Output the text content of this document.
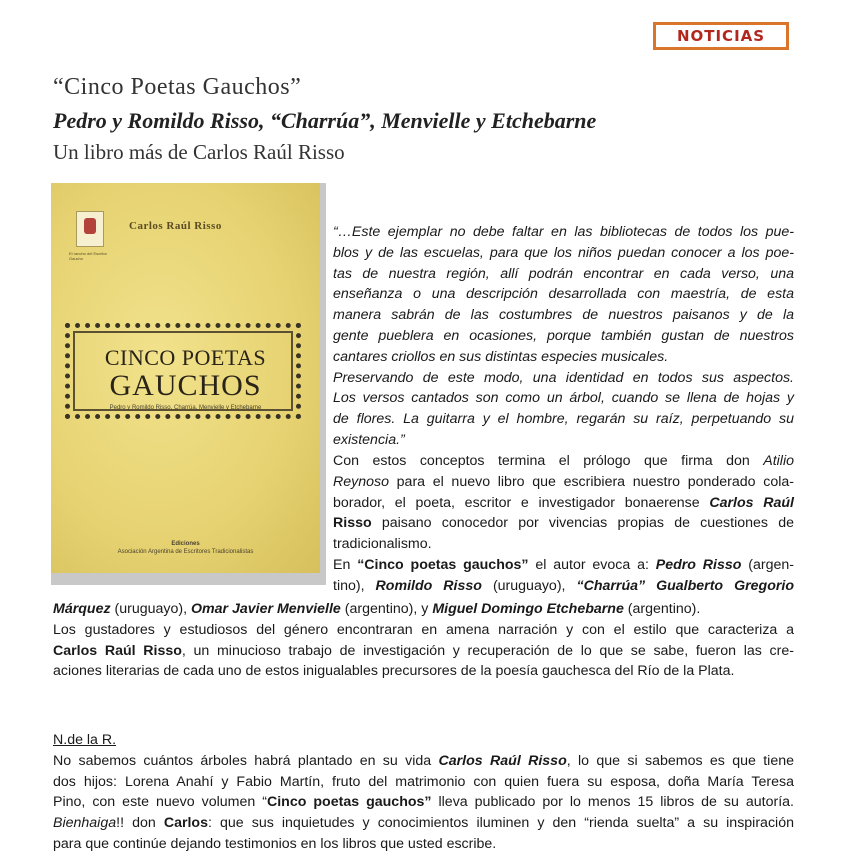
NOTICIAS
“Cinco Poetas Gauchos”
Pedro y Romildo Risso, “Charrúa”, Menvielle y Etchebarne
Un libro más de Carlos Raúl Risso
El rancho del Escritor Gaucho
Carlos Raúl Risso
CINCO POETAS
GAUCHOS
Pedro y Romildo Risso, Charrúa, Menvielle y Etchebarne
Ediciones
Asociación Argentina de Escritores Tradicionalistas
“…Este ejemplar no debe faltar en las bibliotecas de todos los pue-
blos y de las escuelas, para que los niños puedan conocer a los poe-
tas de nuestra región, allí podrán encontrar en cada verso, una
enseñanza o una descripción desarrollada con maestría, de esta
manera sabrán de las costumbres de nuestros paisanos y de la
gente pueblera en ocasiones, porque también gustan de nuestros
cantares criollos en sus distintas especies musicales.
Preservando de este modo, una identidad en todos sus aspectos.
Los versos cantados son como un árbol, cuando se llena de hojas y
de flores. La guitarra y el hombre, regarán su raíz, perpetuando su
existencia.”
Con estos conceptos termina el prólogo que firma don Atilio
Reynoso para el nuevo libro que escribiera nuestro ponderado cola-
borador, el poeta, escritor e investigador bonaerense Carlos Raúl
Risso paisano conocedor por vivencias propias de cuestiones de
tradicionalismo.
En “Cinco poetas gauchos” el autor evoca a: Pedro Risso (argen-
tino), Romildo Risso (uruguayo), “Charrúa” Gualberto Gregorio
Márquez (uruguayo), Omar Javier Menvielle (argentino), y Miguel Domingo Etchebarne (argentino).
Los gustadores y estudiosos del género encontraran en amena narración y con el estilo que caracteriza a
Carlos Raúl Risso, un minucioso trabajo de investigación y recuperación de lo que se sabe, fueron las cre-
aciones literarias de cada uno de estos inigualables precursores de la poesía gauchesca del Río de la Plata.
N.de la R.
No sabemos cuántos árboles habrá plantado en su vida Carlos Raúl Risso, lo que si sabemos es que tiene
dos hijos: Lorena Anahí y Fabio Martín, fruto del matrimonio con quien fuera su esposa, doña María Teresa
Pino, con este nuevo volumen “Cinco poetas gauchos” lleva publicado por lo menos 15 libros de su autoría.
Bienhaiga!! don Carlos: que sus inquietudes y conocimientos iluminen y den “rienda suelta” a su inspiración
para que continúe dejando testimonios en los libros que usted escribe.
